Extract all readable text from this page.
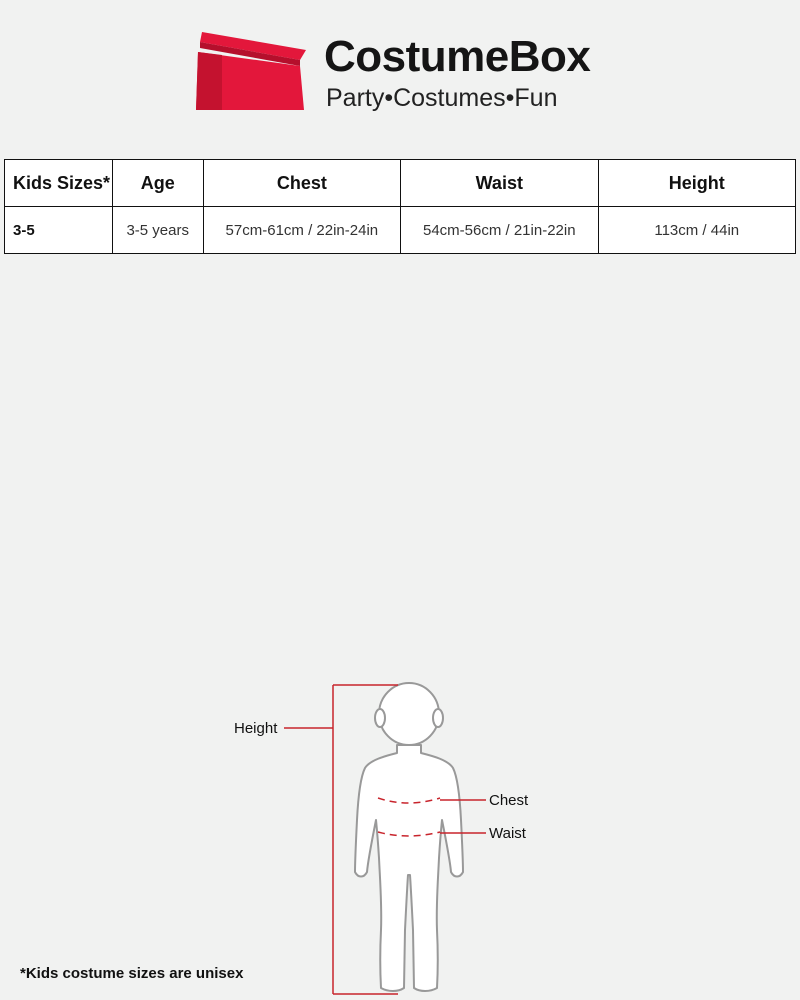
CostumeBox
Party•Costumes•Fun
Kids Sizes*	Age	Chest	Waist	Height
3-5	3-5 years	57cm-61cm / 22in-24in	54cm-56cm / 21in-22in	113cm / 44in
Height
Chest
Waist
*Kids costume sizes are unisex
